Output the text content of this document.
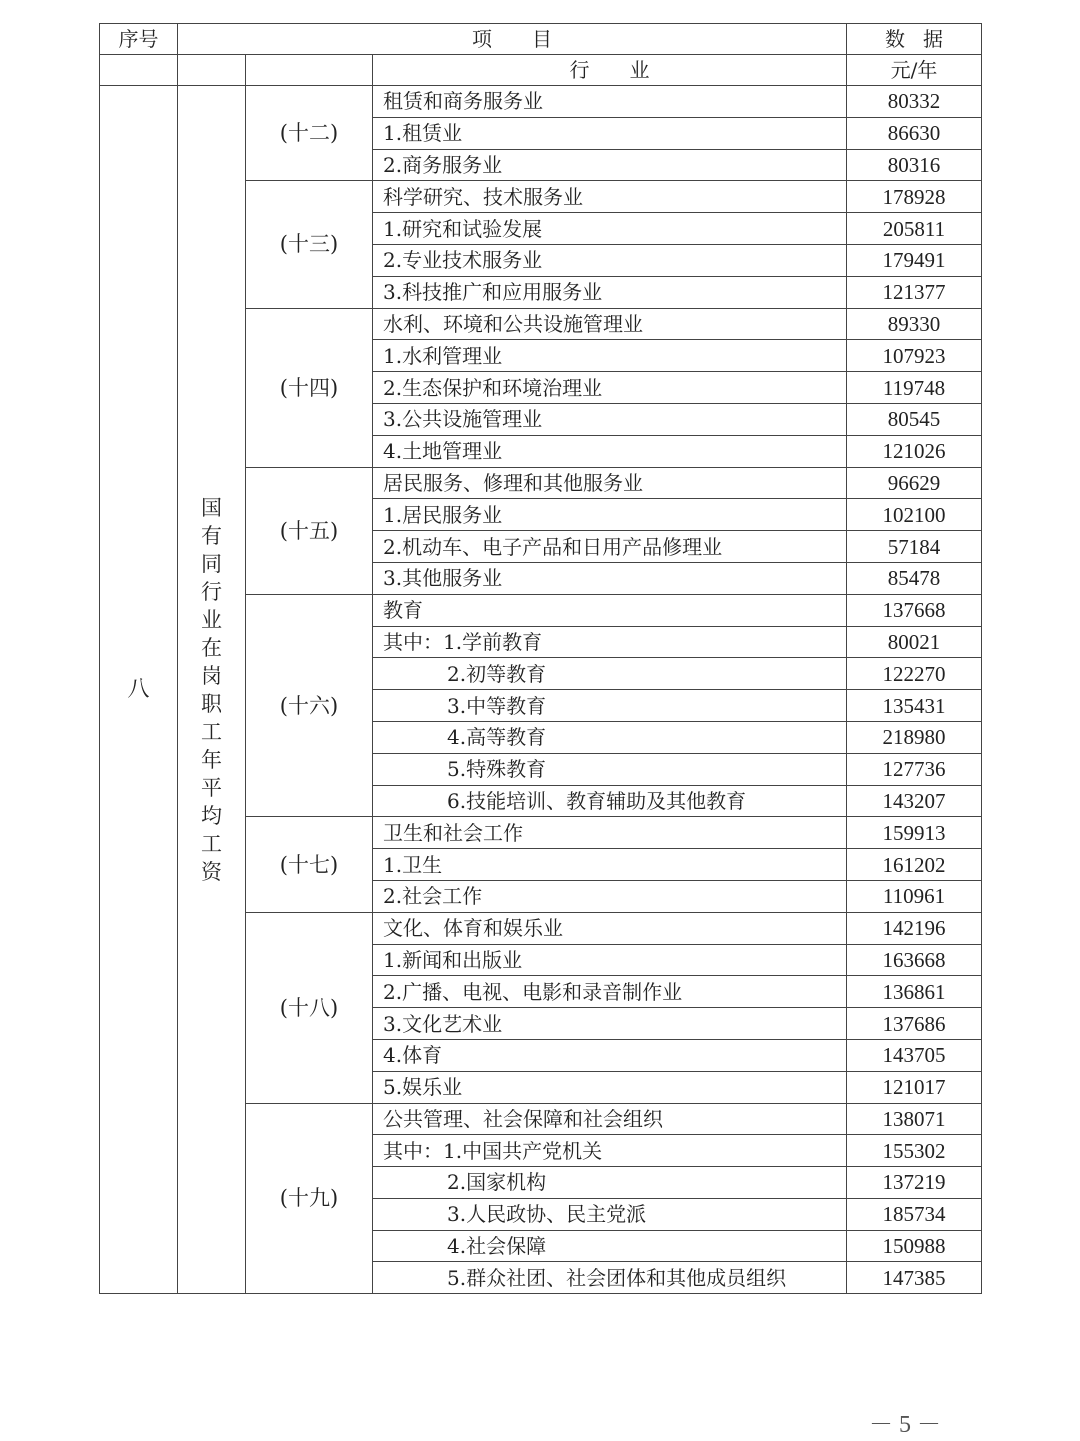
序号	项　　目			数据
			行　　业	元/年
八	国有同行业在岗职工年平均工资	(十二)	租赁和商务服务业	80332
			1.租赁业	86630
			2.商务服务业	80316
		(十三)	科学研究、技术服务业	178928
			1.研究和试验发展	205811
			2.专业技术服务业	179491
			3.科技推广和应用服务业	121377
		(十四)	水利、环境和公共设施管理业	89330
			1.水利管理业	107923
			2.生态保护和环境治理业	119748
			3.公共设施管理业	80545
			4.土地管理业	121026
		(十五)	居民服务、修理和其他服务业	96629
			1.居民服务业	102100
			2.机动车、电子产品和日用产品修理业	57184
			3.其他服务业	85478
		(十六)	教育	137668
			其中：1.学前教育	80021
			2.初等教育	122270
			3.中等教育	135431
			4.高等教育	218980
			5.特殊教育	127736
			6.技能培训、教育辅助及其他教育	143207
		(十七)	卫生和社会工作	159913
			1.卫生	161202
			2.社会工作	110961
		(十八)	文化、体育和娱乐业	142196
			1.新闻和出版业	163668
			2.广播、电视、电影和录音制作业	136861
			3.文化艺术业	137686
			4.体育	143705
			5.娱乐业	121017
		(十九)	公共管理、社会保障和社会组织	138071
			其中：1.中国共产党机关	155302
			2.国家机构	137219
			3.人民政协、民主党派	185734
			4.社会保障	150988
			5.群众社团、社会团体和其他成员组织	147385
－ 5 －
